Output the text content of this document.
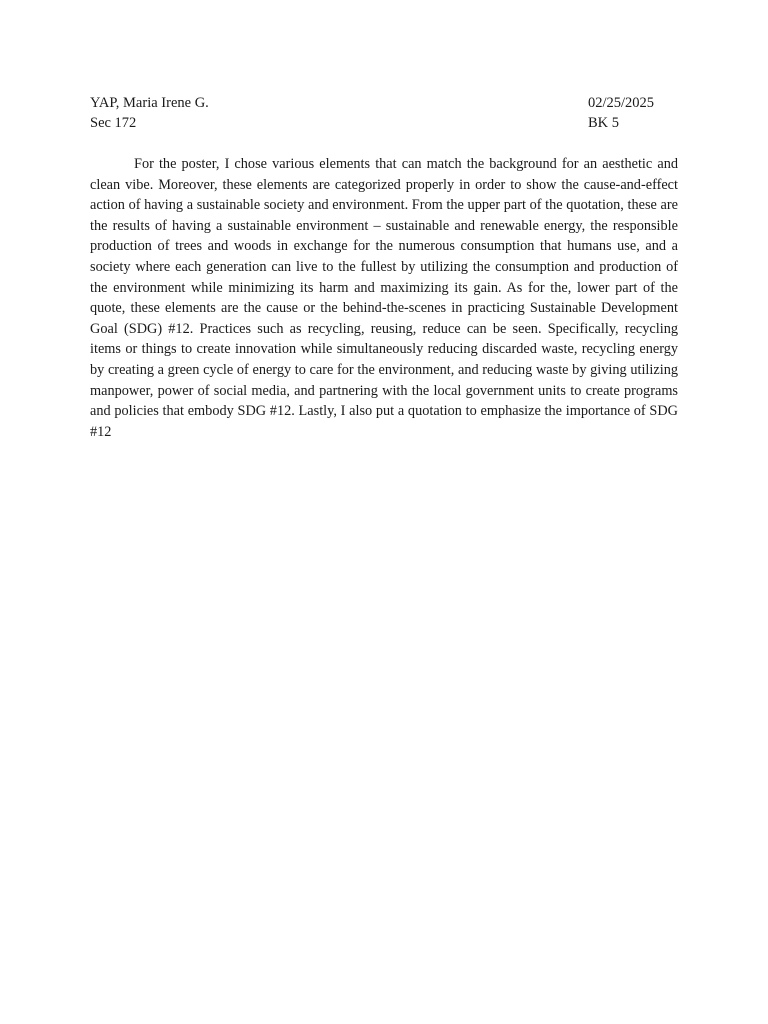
YAP, Maria Irene G.	02/25/2025
Sec 172	BK 5

For the poster, I chose various elements that can match the background for an aesthetic and clean vibe. Moreover, these elements are categorized properly in order to show the cause-and-effect action of having a sustainable society and environment. From the upper part of the quotation, these are the results of having a sustainable environment – sustainable and renewable energy, the responsible production of trees and woods in exchange for the numerous consumption that humans use, and a society where each generation can live to the fullest by utilizing the consumption and production of the environment while minimizing its harm and maximizing its gain. As for the, lower part of the quote, these elements are the cause or the behind-the-scenes in practicing Sustainable Development Goal (SDG) #12. Practices such as recycling, reusing, reduce can be seen. Specifically, recycling items or things to create innovation while simultaneously reducing discarded waste, recycling energy by creating a green cycle of energy to care for the environment, and reducing waste by giving utilizing manpower, power of social media, and partnering with the local government units to create programs and policies that embody SDG #12. Lastly, I also put a quotation to emphasize the importance of SDG #12
